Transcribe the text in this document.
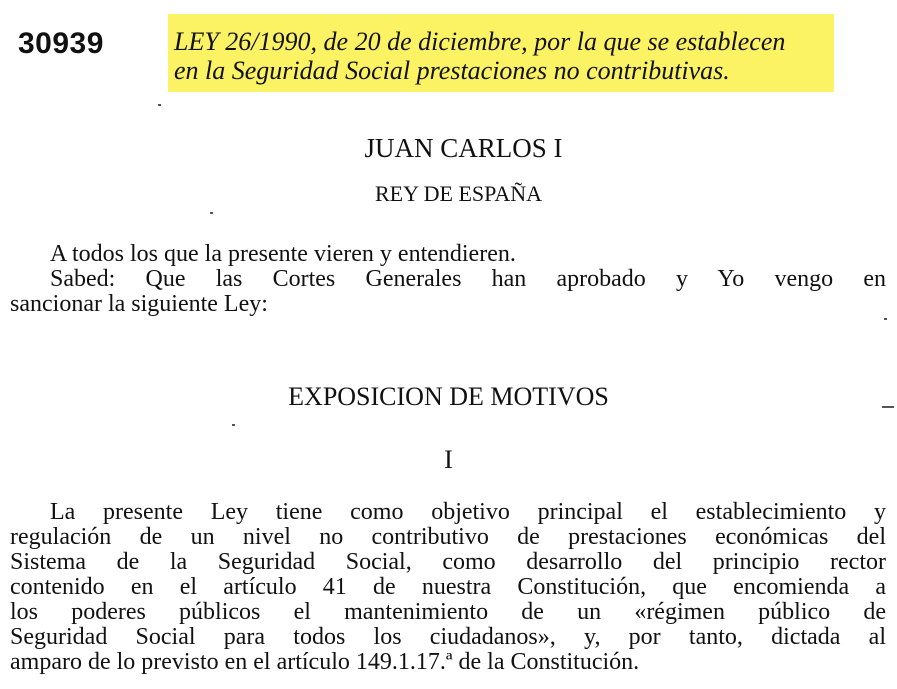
30939	LEY 26/1990, de 20 de diciembre, por la que se establecen
en la Seguridad Social prestaciones no contributivas.
JUAN CARLOS I
REY DE ESPAÑA
A todos los que la presente vieren y entendieren.
Sabed: Que las Cortes Generales han aprobado y Yo vengo en
sancionar la siguiente Ley:
EXPOSICION DE MOTIVOS
I
La presente Ley tiene como objetivo principal el establecimiento y
regulación de un nivel no contributivo de prestaciones económicas del
Sistema de la Seguridad Social, como desarrollo del principio rector
contenido en el artículo 41 de nuestra Constitución, que encomienda a
los poderes públicos el mantenimiento de un «régimen público de
Seguridad Social para todos los ciudadanos», y, por tanto, dictada al
amparo de lo previsto en el artículo 149.1.17.ª de la Constitución.
